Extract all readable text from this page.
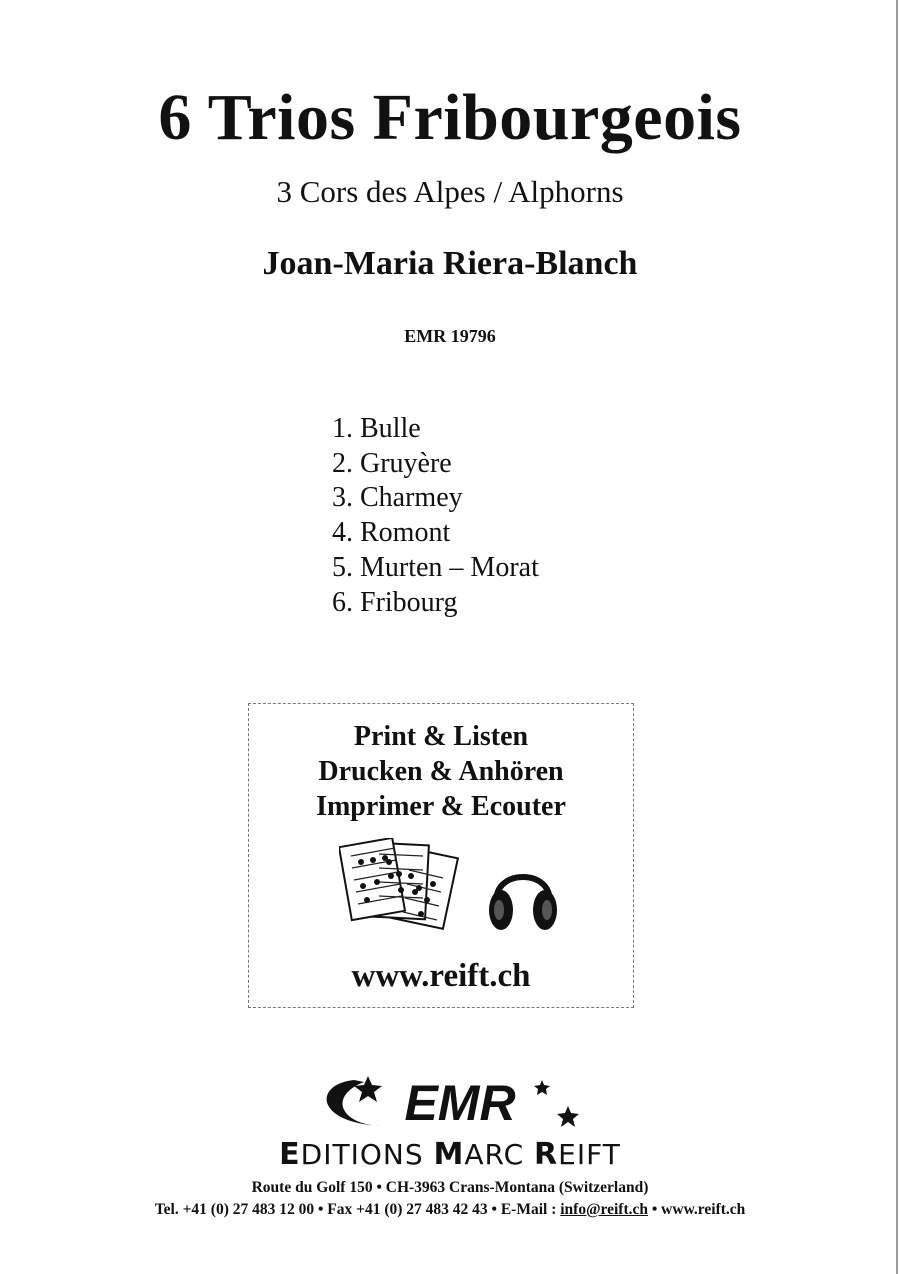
6 Trios Fribourgeois
3 Cors des Alpes / Alphorns
Joan-Maria Riera-Blanch
EMR 19796
1. Bulle
2. Gruyère
3. Charmey
4. Romont
5. Murten – Morat
6. Fribourg
Print & Listen
Drucken & Anhören
Imprimer & Ecouter
www.reift.ch
EMR
EDITIONS MARC REIFT
Route du Golf 150 • CH-3963 Crans-Montana (Switzerland)
Tel. +41 (0) 27 483 12 00 • Fax +41 (0) 27 483 42 43 • E-Mail : info@reift.ch • www.reift.ch
